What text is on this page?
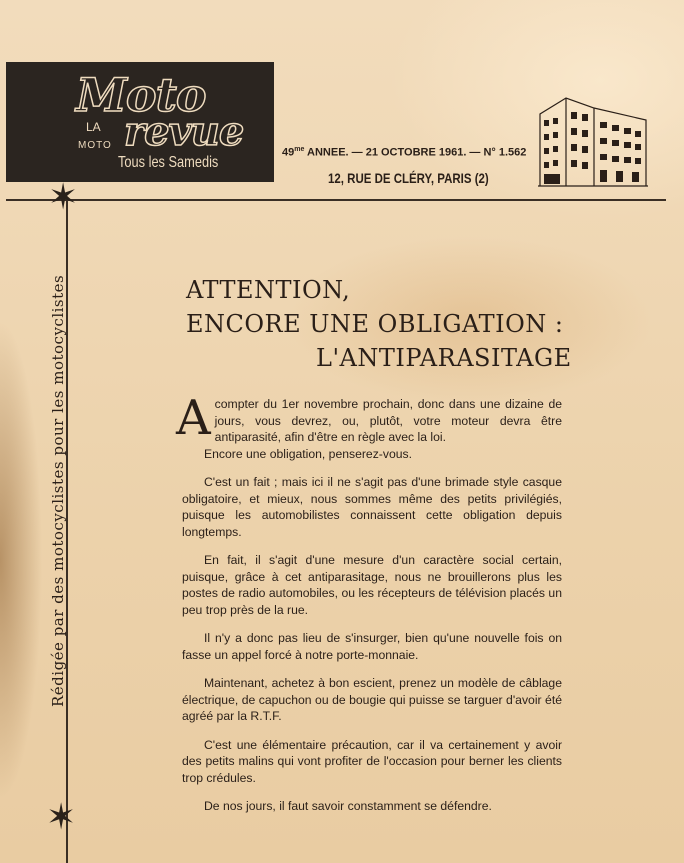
Moto
LA
MOTO revue
Tous les Samedis
$49^{me}$ ANNEE. — 21 OCTOBRE 1961. — N° 1.562
12, RUE DE CLÉRY, PARIS (2)
✶
✶
Rédigée par des motocyclistes pour les motocyclistes	ATTENTION,
ENCORE UNE OBLIGATION :
L'ANTIPARASITAGE

Acompter du 1er novembre prochain, donc dans une dizaine de jours, vous devrez, ou, plutôt, votre moteur devra être antiparasité, afin d'être en règle avec la loi.

Encore une obligation, penserez-vous.

C'est un fait ; mais ici il ne s'agit pas d'une brimade style casque obligatoire, et mieux, nous sommes même des petits privilégiés, puisque les automobilistes connaissent cette obligation depuis longtemps.

En fait, il s'agit d'une mesure d'un caractère social certain, puisque, grâce à cet antiparasitage, nous ne brouillerons plus les postes de radio automobiles, ou les récepteurs de télévision placés un peu trop près de la rue.

Il n'y a donc pas lieu de s'insurger, bien qu'une nouvelle fois on fasse un appel forcé à notre porte-monnaie.

Maintenant, achetez à bon escient, prenez un modèle de câblage électrique, de capuchon ou de bougie qui puisse se targuer d'avoir été agréé par la R.T.F.

C'est une élémentaire précaution, car il va certainement y avoir des petits malins qui vont profiter de l'occasion pour berner les clients trop crédules.

De nos jours, il faut savoir constamment se défendre.
